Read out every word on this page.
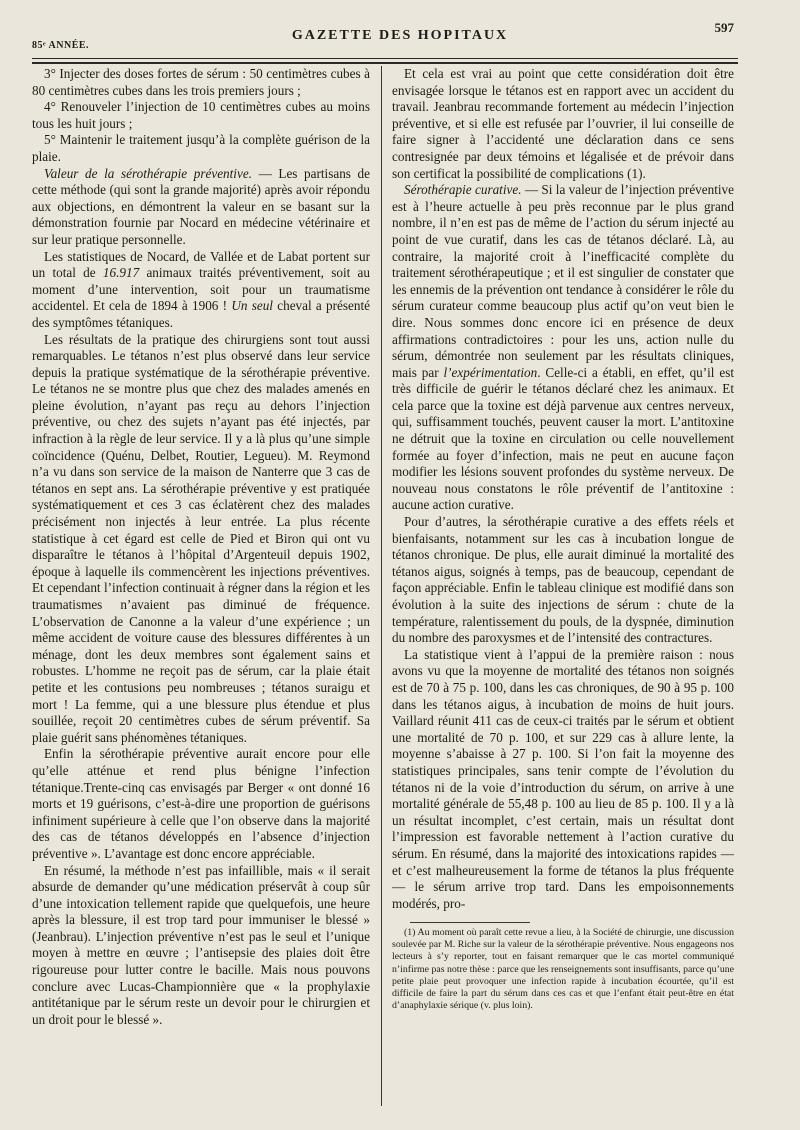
85ᵉ ANNÉE.
GAZETTE DES HOPITAUX
597

3° Injecter des doses fortes de sérum : 50 centimètres cubes à 80 centimètres cubes dans les trois premiers jours ;

4° Renouveler l’injection de 10 centimètres cubes au moins tous les huit jours ;

5° Maintenir le traitement jusqu’à la complète guérison de la plaie.

Valeur de la sérothérapie préventive. — Les partisans de cette méthode (qui sont la grande majorité) après avoir répondu aux objections, en démontrent la valeur en se basant sur la démonstration fournie par Nocard en médecine vétérinaire et sur leur pratique personnelle.

Les statistiques de Nocard, de Vallée et de Labat portent sur un total de 16.917 animaux traités préventivement, soit au moment d’une intervention, soit pour un traumatisme accidentel. Et cela de 1894 à 1906 ! Un seul cheval a présenté des symptômes tétaniques.

Les résultats de la pratique des chirurgiens sont tout aussi remarquables. Le tétanos n’est plus observé dans leur service depuis la pratique systématique de la sérothérapie préventive. Le tétanos ne se montre plus que chez des malades amenés en pleine évolution, n’ayant pas reçu au dehors l’injection préventive, ou chez des sujets n’ayant pas été injectés, par infraction à la règle de leur service. Il y a là plus qu’une simple coïncidence (Quénu, Delbet, Routier, Legueu). M. Reymond n’a vu dans son service de la maison de Nanterre que 3 cas de tétanos en sept ans. La sérothérapie préventive y est pratiquée systématiquement et ces 3 cas éclatèrent chez des malades précisément non injectés à leur entrée. La plus récente statistique à cet égard est celle de Pied et Biron qui ont vu disparaître le tétanos à l’hôpital d’Argenteuil depuis 1902, époque à laquelle ils commencèrent les injections préventives. Et cependant l’infection continuait à régner dans la région et les traumatismes n’avaient pas diminué de fréquence. L’observation de Canonne a la valeur d’une expérience ; un même accident de voiture cause des blessures différentes à un ménage, dont les deux membres sont également sains et robustes. L’homme ne reçoit pas de sérum, car la plaie était petite et les contusions peu nombreuses ; tétanos suraigu et mort ! La femme, qui a une blessure plus étendue et plus souillée, reçoit 20 centimètres cubes de sérum préventif. Sa plaie guérit sans phénomènes tétaniques.

Enfin la sérothérapie préventive aurait encore pour elle qu’elle atténue et rend plus bénigne l’infection tétanique.Trente-cinq cas envisagés par Berger « ont donné 16 morts et 19 guérisons, c’est-à-dire une proportion de guérisons infiniment supérieure à celle que l’on observe dans la majorité des cas de tétanos développés en l’absence d’injection préventive ». L’avantage est donc encore appréciable.

En résumé, la méthode n’est pas infaillible, mais « il serait absurde de demander qu’une médication préservât à coup sûr d’une intoxication tellement rapide que quelquefois, une heure après la blessure, il est trop tard pour immuniser le blessé » (Jeanbrau). L’injection préventive n’est pas le seul et l’unique moyen à mettre en œuvre ; l’antisepsie des plaies doit être rigoureuse pour lutter contre le bacille. Mais nous pouvons conclure avec Lucas-Championnière que « la prophylaxie antitétanique par le sérum reste un devoir pour le chirurgien et un droit pour le blessé ».

Et cela est vrai au point que cette considération doit être envisagée lorsque le tétanos est en rapport avec un accident du travail. Jeanbrau recommande fortement au médecin l’injection préventive, et si elle est refusée par l’ouvrier, il lui conseille de faire signer à l’accidenté une déclaration dans ce sens contresignée par deux témoins et légalisée et de prévoir dans son certificat la possibilité de complications (1).

Sérothérapie curative. — Si la valeur de l’injection préventive est à l’heure actuelle à peu près reconnue par le plus grand nombre, il n’en est pas de même de l’action du sérum injecté au point de vue curatif, dans les cas de tétanos déclaré. Là, au contraire, la majorité croit à l’inefficacité complète du traitement sérothérapeutique ; et il est singulier de constater que les ennemis de la prévention ont tendance à considérer le rôle du sérum curateur comme beaucoup plus actif qu’on veut bien le dire. Nous sommes donc encore ici en présence de deux affirmations contradictoires : pour les uns, action nulle du sérum, démontrée non seulement par les résultats cliniques, mais par l’expérimentation. Celle-ci a établi, en effet, qu’il est très difficile de guérir le tétanos déclaré chez les animaux. Et cela parce que la toxine est déjà parvenue aux centres nerveux, qui, suffisamment touchés, peuvent causer la mort. L’antitoxine ne détruit que la toxine en circulation ou celle nouvellement formée au foyer d’infection, mais ne peut en aucune façon modifier les lésions souvent profondes du système nerveux. De nouveau nous constatons le rôle préventif de l’antitoxine : aucune action curative.

Pour d’autres, la sérothérapie curative a des effets réels et bienfaisants, notamment sur les cas à incubation longue de tétanos chronique. De plus, elle aurait diminué la mortalité des tétanos aigus, soignés à temps, pas de beaucoup, cependant de façon appréciable. Enfin le tableau clinique est modifié dans son évolution à la suite des injections de sérum : chute de la température, ralentissement du pouls, de la dyspnée, diminution du nombre des paroxysmes et de l’intensité des contractures.

La statistique vient à l’appui de la première raison : nous avons vu que la moyenne de mortalité des tétanos non soignés est de 70 à 75 p. 100, dans les cas chroniques, de 90 à 95 p. 100 dans les tétanos aigus, à incubation de moins de huit jours. Vaillard réunit 411 cas de ceux-ci traités par le sérum et obtient une mortalité de 70 p. 100, et sur 229 cas à allure lente, la moyenne s’abaisse à 27 p. 100. Si l’on fait la moyenne des statistiques principales, sans tenir compte de l’évolution du tétanos ni de la voie d’introduction du sérum, on arrive à une mortalité générale de 55,48 p. 100 au lieu de 85 p. 100. Il y a là un résultat incomplet, c’est certain, mais un résultat dont l’impression est favorable nettement à l’action curative du sérum. En résumé, dans la majorité des intoxications rapides — et c’est malheureusement la forme de tétanos la plus fréquente — le sérum arrive trop tard. Dans les empoisonnements modérés, pro-

(1) Au moment où paraît cette revue a lieu, à la Société de chirurgie, une discussion soulevée par M. Riche sur la valeur de la sérothérapie préventive. Nous engageons nos lecteurs à s’y reporter, tout en faisant remarquer que le cas mortel communiqué n’infirme pas notre thèse : parce que les renseignements sont insuffisants, parce qu’une petite plaie peut provoquer une infection rapide à incubation écourtée, qu’il est difficile de faire la part du sérum dans ces cas et que l’enfant était peut-être en état d’anaphylaxie sérique (v. plus loin).
